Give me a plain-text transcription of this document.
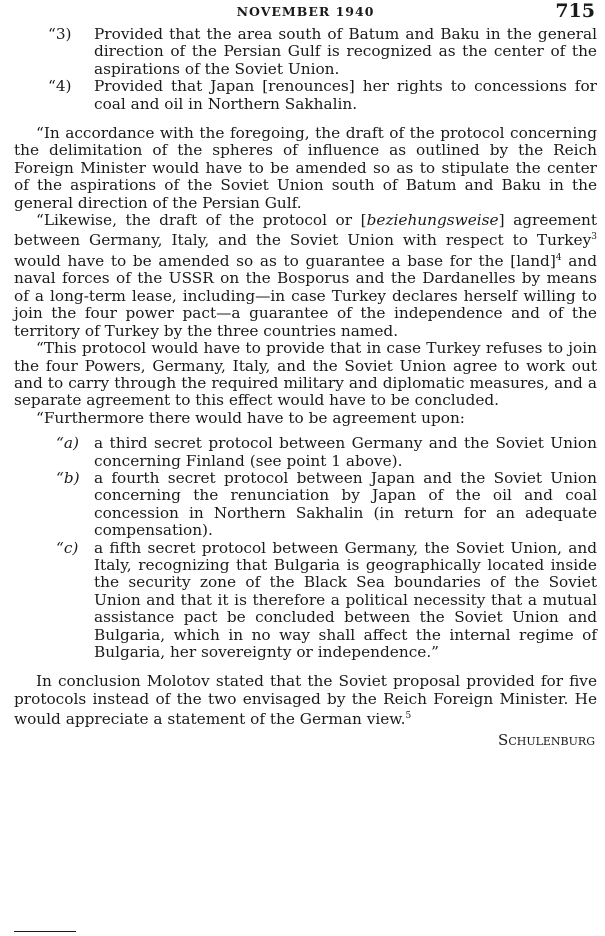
NOVEMBER 1940	715
“3) Provided that the area south of Batum and Baku in the general direction of the Persian Gulf is recognized as the center of the aspirations of the Soviet Union.
“4) Provided that Japan [renounces] her rights to concessions for coal and oil in Northern Sakhalin.

“In accordance with the foregoing, the draft of the protocol concerning the delimitation of the spheres of influence as outlined by the Reich Foreign Minister would have to be amended so as to stipulate the center of the aspirations of the Soviet Union south of Batum and Baku in the general direction of the Persian Gulf.

“Likewise, the draft of the protocol or [beziehungsweise] agreement between Germany, Italy, and the Soviet Union with respect to Turkey$^3$ would have to be amended so as to guarantee a base for the [land]$^4$ and naval forces of the USSR on the Bosporus and the Dardanelles by means of a long-term lease, including—in case Turkey declares herself willing to join the four power pact—a guarantee of the independence and of the territory of Turkey by the three countries named.

“This protocol would have to provide that in case Turkey refuses to join the four Powers, Germany, Italy, and the Soviet Union agree to work out and to carry through the required military and diplomatic measures, and a separate agreement to this effect would have to be concluded.

“Furthermore there would have to be agreement upon:

“a) a third secret protocol between Germany and the Soviet Union concerning Finland (see point 1 above).
“b) a fourth secret protocol between Japan and the Soviet Union concerning the renunciation by Japan of the oil and coal concession in Northern Sakhalin (in return for an adequate compensation).
“c) a fifth secret protocol between Germany, the Soviet Union, and Italy, recognizing that Bulgaria is geographically located inside the security zone of the Black Sea boundaries of the Soviet Union and that it is therefore a political necessity that a mutual assistance pact be concluded between the Soviet Union and Bulgaria, which in no way shall affect the internal regime of Bulgaria, her sovereignty or independence.”

In conclusion Molotov stated that the Soviet proposal provided for five protocols instead of the two envisaged by the Reich Foreign Minister. He would appreciate a statement of the German view.$^5$

Schulenburg
